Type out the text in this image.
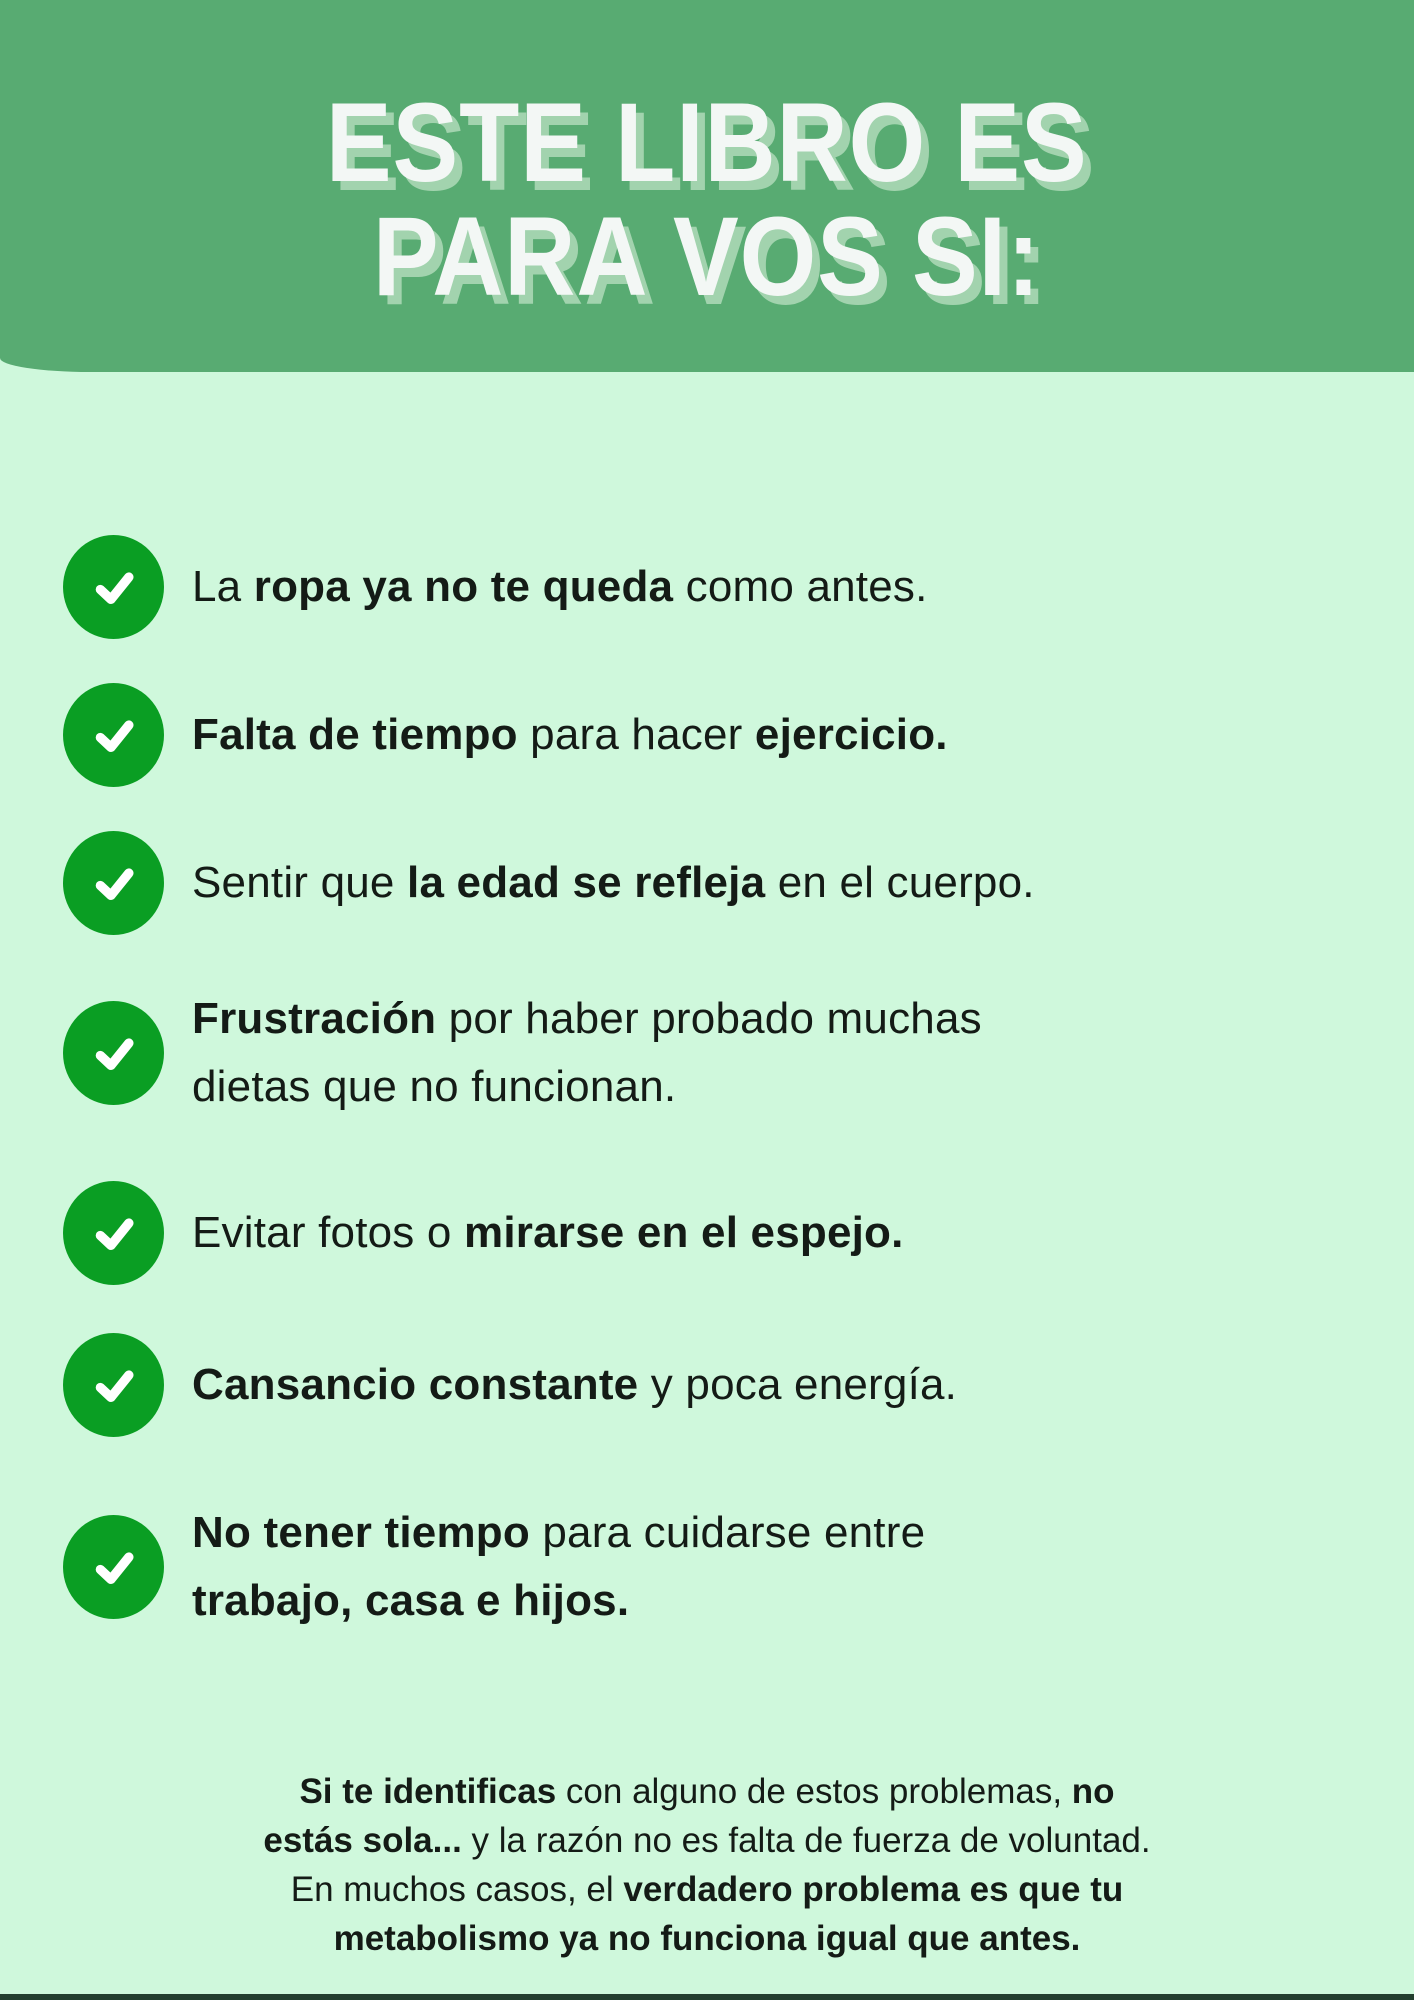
ESTE LIBRO ES
PARA VOS SI:

La ropa ya no te queda como antes.

Falta de tiempo para hacer ejercicio.

Sentir que la edad se refleja en el cuerpo.

Frustración por haber probado muchas
dietas que no funcionan.

Evitar fotos o mirarse en el espejo.

Cansancio constante y poca energía.

No tener tiempo para cuidarse entre
trabajo, casa e hijos.

Si te identificas con alguno de estos problemas, no
estás sola... y la razón no es falta de fuerza de voluntad.
En muchos casos, el verdadero problema es que tu
metabolismo ya no funciona igual que antes.
